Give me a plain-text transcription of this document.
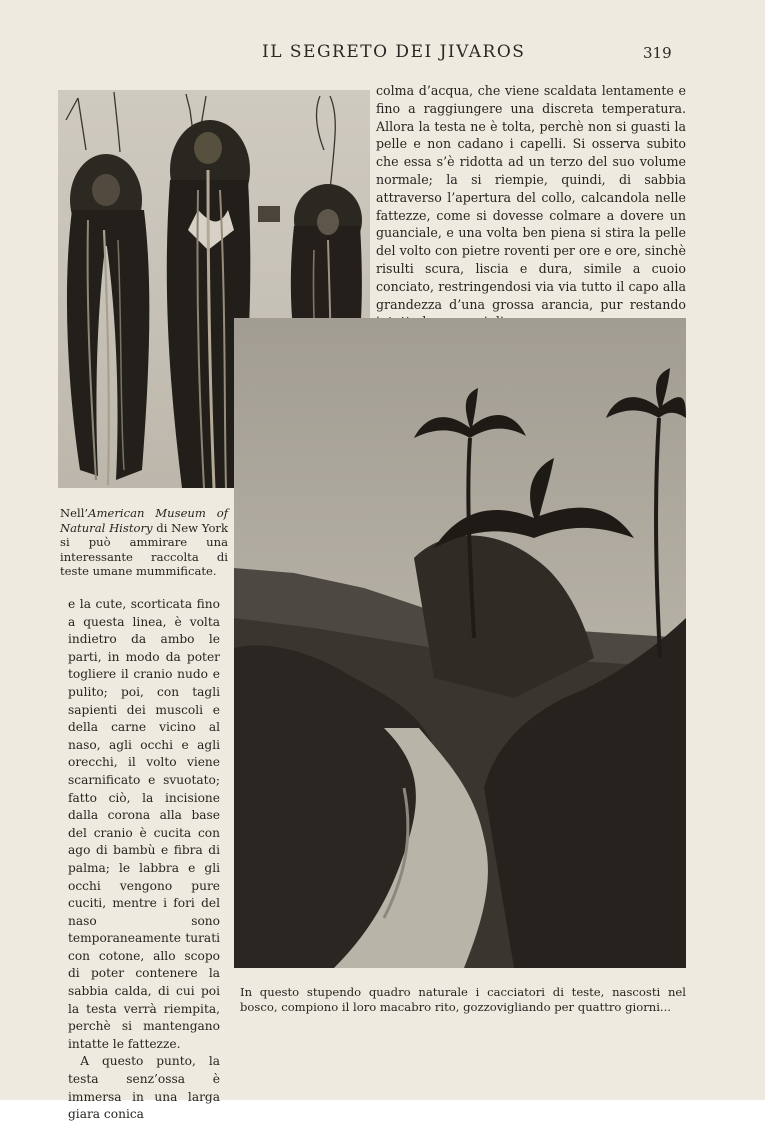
IL SEGRETO DEI JIVAROS	319
colma d’acqua, che viene scaldata lentamente e fino a raggiungere una discreta temperatura. Allora la testa ne è tolta, perchè non si guasti la pelle e non cadano i capelli. Si osserva subito che essa s’è ridotta ad un terzo del suo volume normale; la si riempie, quindi, di sabbia attraverso l’apertura del collo, calcandola nelle fattezze, come si dovesse colmare a dovere un guanciale, e una volta ben piena si stira la pelle del volto con pietre roventi per ore e ore, sinchè risulti scura, liscia e dura, simile a cuoio conciato, restringendosi via via tutto il capo alla grandezza d’una grossa arancia, pur restando
Nell’American Museum of Natural History di New York si può ammirare una interessante raccolta di teste umane mummificate.

e la cute, scorticata fino a questa linea, è volta indietro da ambo le parti, in modo da poter togliere il cranio nudo e pulito; poi, con tagli sapienti dei muscoli e della carne vicino al naso, agli occhi e agli orecchi, il volto viene scarnificato e svuotato; fatto ciò, la incisione dalla corona alla base del cranio è cucita con ago di bambù e fibra di palma; le labbra e gli occhi vengono pure cuciti, mentre i fori del naso sono temporaneamente turati con cotone, allo scopo di poter contenere la sabbia calda, di cui poi la testa verrà riempita, perchè si mantengano intatte le fattezze.

A questo punto, la testa senz’ossa è immersa in una larga giara conica

In questo stupendo quadro naturale i cacciatori di teste, nascosti nel bosco, compiono il loro macabro rito, gozzovigliando per quattro giorni...
